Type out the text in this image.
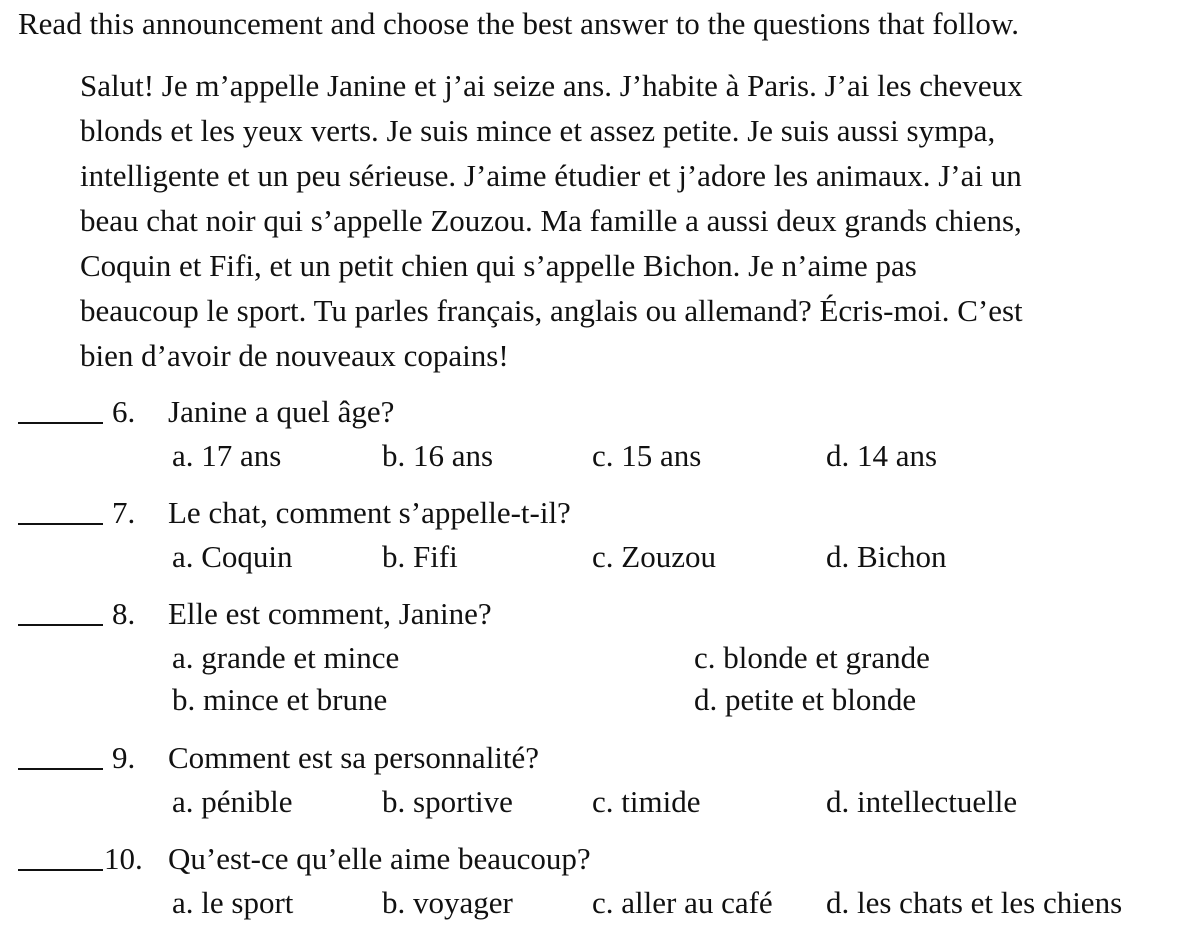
Read this announcement and choose the best answer to the questions that follow.
Salut! Je m’appelle Janine et j’ai seize ans. J’habite à Paris. J’ai les cheveux
blonds et les yeux verts. Je suis mince et assez petite. Je suis aussi sympa,
intelligente et un peu sérieuse. J’aime étudier et j’adore les animaux. J’ai un
beau chat noir qui s’appelle Zouzou. Ma famille a aussi deux grands chiens,
Coquin et Fifi, et un petit chien qui s’appelle Bichon. Je n’aime pas
beaucoup le sport. Tu parles français, anglais ou allemand? Écris-moi. C’est
bien d’avoir de nouveaux copains!
6. Janine a quel âge?
a. 17 ans	b. 16 ans	c. 15 ans	d. 14 ans
7. Le chat, comment s’appelle-t-il?
a. Coquin	b. Fifi	c. Zouzou	d. Bichon
8. Elle est comment, Janine?
a. grande et mince
b. mince et brune
c. blonde et grande
d. petite et blonde
9. Comment est sa personnalité?
a. pénible	b. sportive	c. timide	d. intellectuelle
10. Qu’est-ce qu’elle aime beaucoup?
a. le sport	b. voyager	c. aller au café d. les chats et les chiens
